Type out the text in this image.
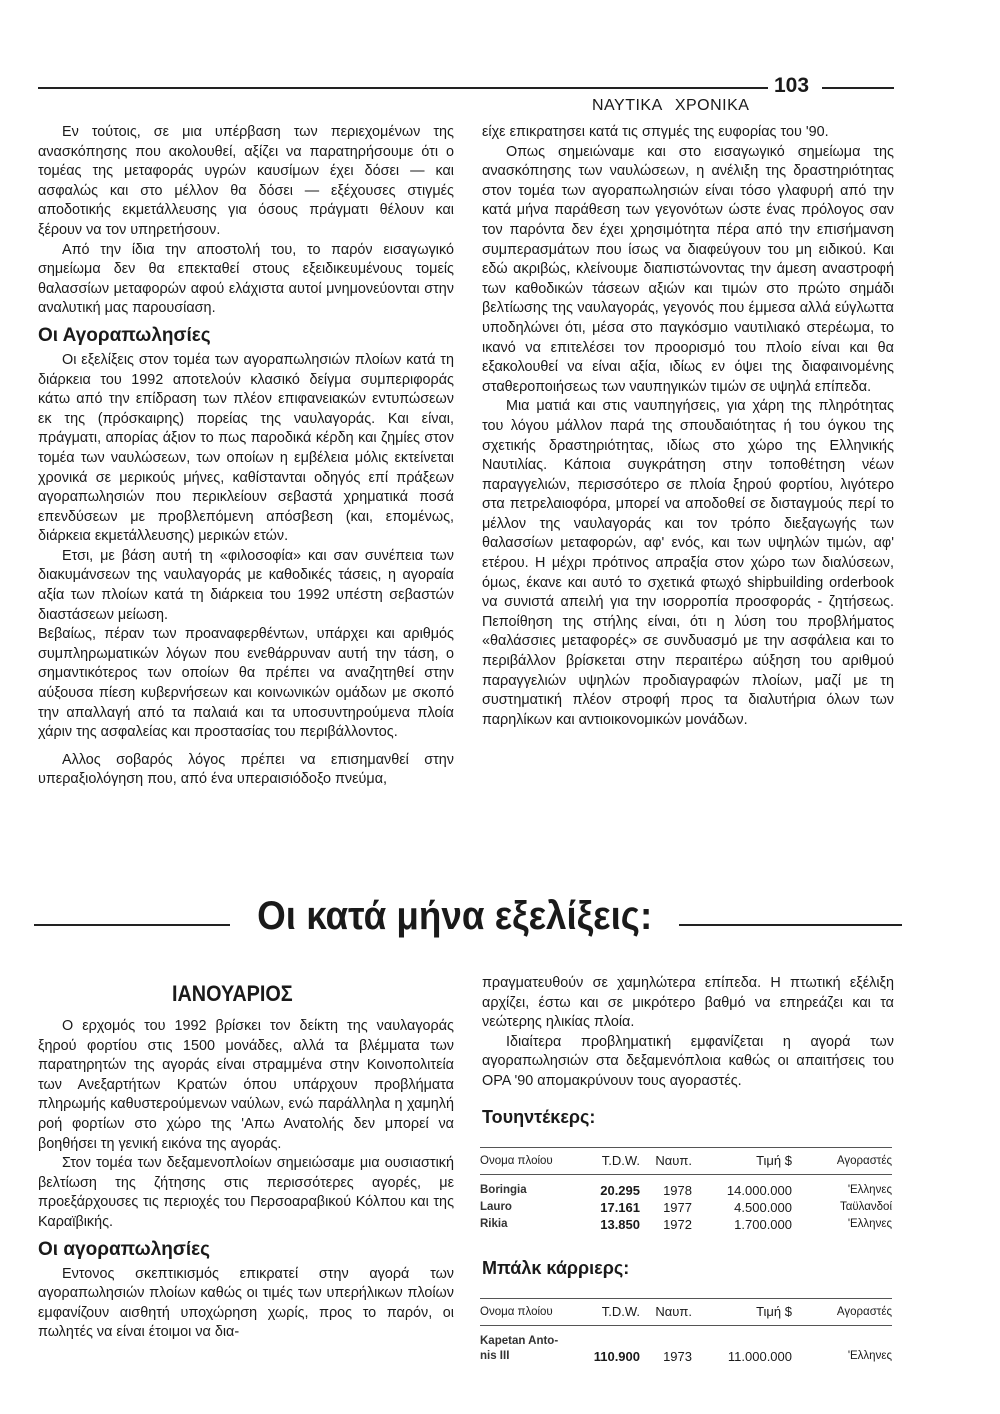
103
ΝΑΥΤΙΚΑ ΧΡΟΝΙΚΑ

Εν τούτοις, σε μια υπέρβαση των περιεχομένων της ανασκόπησης που ακολουθεί, αξίζει να παρατηρήσουμε ότι ο τομέας της μεταφοράς υγρών καυσίμων έχει δόσει — και ασφαλώς και στο μέλλον θα δόσει — εξέχουσες στιγμές αποδοτικής εκμετάλλευσης για όσους πράγματι θέλουν και ξέρουν να τον υπηρετήσουν.

Από την ίδια την αποστολή του, το παρόν εισαγωγικό σημείωμα δεν θα επεκταθεί στους εξειδικευμένους τομείς θαλασσίων μεταφορών αφού ελάχιστα αυτοί μνημονεύονται στην αναλυτική μας παρουσίαση.

Οι Αγοραπωλησίες

Οι εξελίξεις στον τομέα των αγοραπωλησιών πλοίων κατά τη διάρκεια του 1992 αποτελούν κλασικό δείγμα συμπεριφοράς κάτω από την επίδραση των πλέον επιφανειακών εντυπώσεων εκ της (πρόσκαιρης) πορείας της ναυλαγοράς. Και είναι, πράγματι, απορίας άξιον το πως παροδικά κέρδη και ζημίες στον τομέα των ναυλώσεων, των οποίων η εμβέλεια μόλις εκτείνεται χρονικά σε μερικούς μήνες, καθίστανται οδηγός επί πράξεων αγοραπωλησιών που περικλείουν σεβαστά χρηματικά ποσά επενδύσεων με προβλεπόμενη απόσβεση (και, επομένως, διάρκεια εκμετάλλευσης) μερικών ετών.

Ετσι, με βάση αυτή τη «φιλοσοφία» και σαν συνέπεια των διακυμάνσεων της ναυλαγοράς με καθοδικές τάσεις, η αγοραία αξία των πλοίων κατά τη διάρκεια του 1992 υπέστη σεβαστών διαστάσεων μείωση.

Βεβαίως, πέραν των προαναφερθέντων, υπάρχει και αριθμός συμπληρωματικών λόγων που ενεθάρρυναν αυτή την τάση, ο σημαντικότερος των οποίων θα πρέπει να αναζητηθεί στην αύξουσα πίεση κυβερνήσεων και κοινωνικών ομάδων με σκοπό την απαλλαγή από τα παλαιά και τα υποσυντηρούμενα πλοία χάριν της ασφαλείας και προστασίας του περιβάλλοντος.

Αλλος σοβαρός λόγος πρέπει να επισημανθεί στην υπεραξιολόγηση που, από ένα υπεραισιόδοξο πνεύμα,

είχε επικρατησει κατά τις σπγμές της ευφορίας του '90.

Οπως σημειώναμε και στο εισαγωγικό σημείωμα της ανασκόπησης των ναυλώσεων, η ανέλιξη της δραστηριότητας στον τομέα των αγοραπωλησιών είναι τόσο γλαφυρή από την κατά μήνα παράθεση των γεγονότων ώστε ένας πρόλογος σαν τον παρόντα δεν έχει χρησιμότητα πέρα από την επισήμανση συμπερασμάτων που ίσως να διαφεύγουν του μη ειδικού. Και εδώ ακριβώς, κλείνουμε διαπιστώνοντας την άμεση αναστροφή των καθοδικών τάσεων αξιών και τιμών στο πρώτο σημάδι βελτίωσης της ναυλαγοράς, γεγονός που έμμεσα αλλά εύγλωττα υποδηλώνει ότι, μέσα στο παγκόσμιο ναυτιλιακό στερέωμα, το ικανό να επιτελέσει τον προορισμό του πλοίο είναι και θα εξακολουθεί να είναι αξία, ιδίως εν όψει της διαφαινομένης σταθεροποιήσεως των ναυπηγικών τιμών σε υψηλά επίπεδα.

Μια ματιά και στις ναυπηγήσεις, για χάρη της πληρότητας του λόγου μάλλον παρά της σπουδαιότητας ή του όγκου της σχετικής δραστηριότητας, ιδίως στο χώρο της Ελληνικής Ναυτιλίας. Κάποια συγκράτηση στην τοποθέτηση νέων παραγγελιών, περισσότερο σε πλοία ξηρού φορτίου, λιγότερο στα πετρελαιοφόρα, μπορεί να αποδοθεί σε δισταγμούς περί το μέλλον της ναυλαγοράς και τον τρόπο διεξαγωγής των θαλασσίων μεταφορών, αφ' ενός, και των υψηλών τιμών, αφ' ετέρου. Η μέχρι πρότινος απραξία στον χώρο των διαλύσεων, όμως, έκανε και αυτό το σχετικά φτωχό shipbuilding orderbook να συνιστά απειλή για την ισορροπία προσφοράς - ζητήσεως. Πεποίθηση της στήλης είναι, ότι η λύση του προβλήματος «θαλάσσιες μεταφορές» σε συνδυασμό με την ασφάλεια και το περιβάλλον βρίσκεται στην περαιτέρω αύξηση του αριθμού παραγγελιών υψηλών προδιαγραφών πλοίων, μαζί με τη συστηματική πλέον στροφή προς τα διαλυτήρια όλων των παρηλίκων και αντιοικονομικών μονάδων.

Οι κατά μήνα εξελίξεις:
ΙΑΝΟΥΑΡΙΟΣ

Ο ερχομός του 1992 βρίσκει τον δείκτη της ναυλαγοράς ξηρού φορτίου στις 1500 μονάδες, αλλά τα βλέμματα των παρατηρητών της αγοράς είναι στραμμένα στην Κοινοπολιτεία των Ανεξαρτήτων Κρατών όπου υπάρχουν προβλήματα πληρωμής καθυστερούμενων ναύλων, ενώ παράλληλα η χαμηλή ροή φορτίων στο χώρο της 'Απω Ανατολής δεν μπορεί να βοηθήσει τη γενική εικόνα της αγοράς.

Στον τομέα των δεξαμενοπλοίων σημειώσαμε μια ουσιαστική βελτίωση της ζήτησης στις περισσότερες αγορές, με προεξάρχουσες τις περιοχές του Περσοαραβικού Κόλπου και της Καραϊβικής.

Οι αγοραπωλησίες

Εντονος σκεπτικισμός επικρατεί στην αγορά των αγοραπωλησιών πλοίων καθώς οι τιμές των υπερήλικων πλοίων εμφανίζουν αισθητή υποχώρηση χωρίς, προς το παρόν, οι πωλητές να είναι έτοιμοι να δια-

πραγματευθούν σε χαμηλώτερα επίπεδα. Η πτωτική εξέλιξη αρχίζει, έστω και σε μικρότερο βαθμό να επηρεάζει και τα νεώτερης ηλικίας πλοία.

Ιδιαίτερα προβληματική εμφανίζεται η αγορά των αγοραπωλησιών στα δεξαμενόπλοια καθώς οι απαιτήσεις του ΟΡΑ '90 απομακρύνουν τους αγοραστές.

Τουηντέκερς:
Ονομα πλοίου	T.D.W.	Ναυπ.	Τιμή $	Αγοραστές
Boringia	20.295	1978	14.000.000	'Ελληνες
Lauro	17.161	1977	4.500.000	Ταϋλανδοί
Rikia	13.850	1972	1.700.000	'Ελληνες
Μπάλκ κάρριερς:
Ονομα πλοίου	T.D.W.	Ναυπ.	Τιμή $	Αγοραστές
Kapetan Anto-
nis III	110.900	1973	11.000.000	'Ελληνες
